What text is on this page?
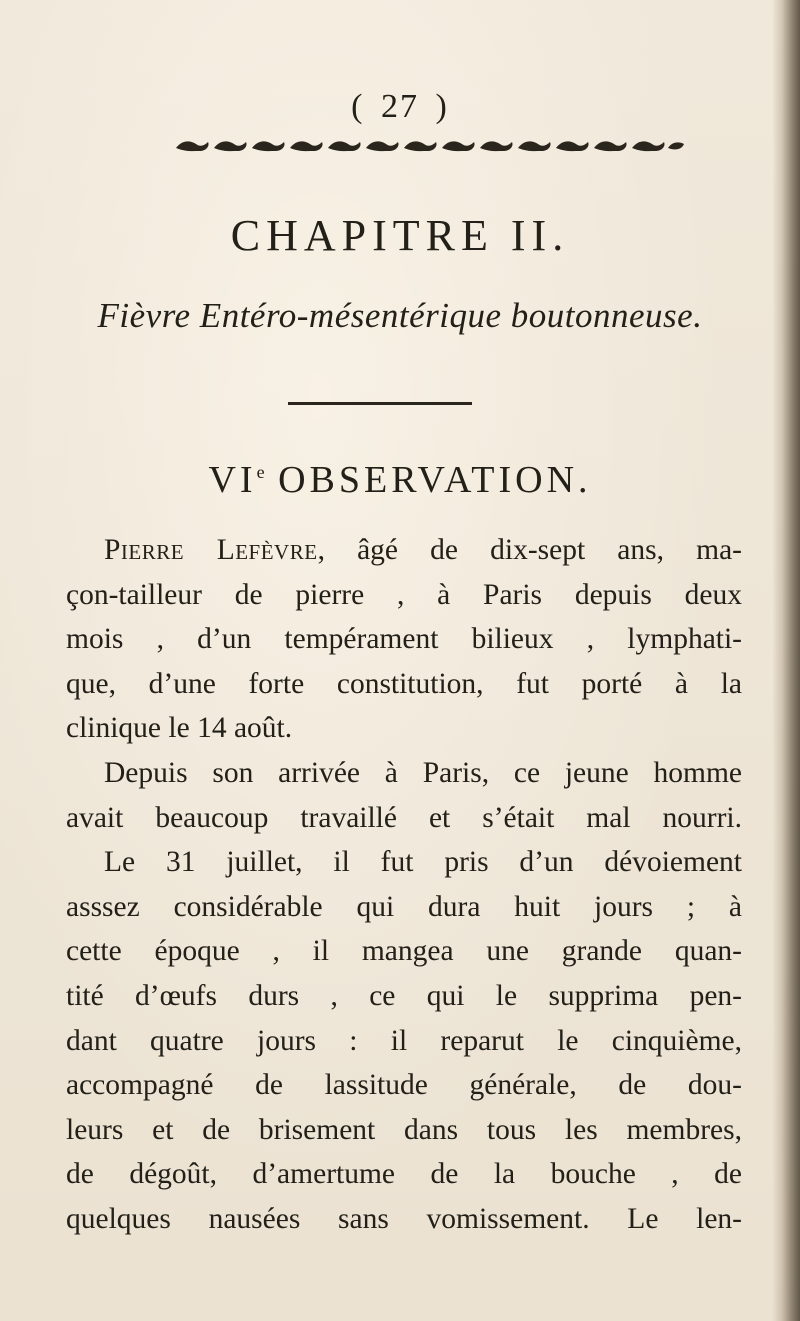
( 27 )
CHAPITRE II.
Fièvre Entéro-mésentérique boutonneuse.
VIe OBSERVATION.
Pierre Lefèvre, âgé de dix-sept ans, ma-
çon-tailleur de pierre , à Paris depuis deux
mois , d’un tempérament bilieux , lymphati-
que, d’une forte constitution, fut porté à la
clinique le 14 août.
Depuis son arrivée à Paris, ce jeune homme
avait beaucoup travaillé et s’était mal nourri.
Le 31 juillet, il fut pris d’un dévoiement
asssez considérable qui dura huit jours ; à
cette époque , il mangea une grande quan-
tité d’œufs durs , ce qui le supprima pen-
dant quatre jours : il reparut le cinquième,
accompagné de lassitude générale, de dou-
leurs et de brisement dans tous les membres,
de dégoût, d’amertume de la bouche , de
quelques nausées sans vomissement. Le len-
